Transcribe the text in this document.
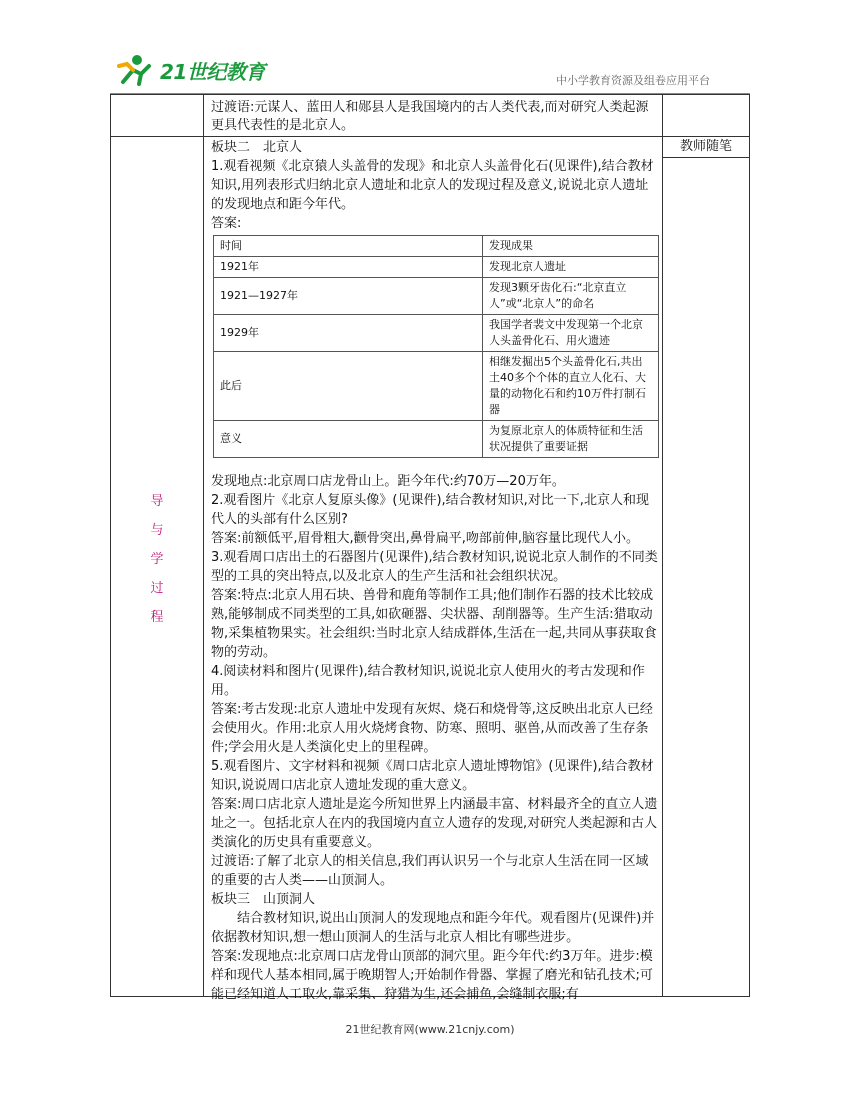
21世纪教育	中小学教育资源及组卷应用平台
过渡语:元谋人、蓝田人和郧县人是我国境内的古人类代表,而对研究人类起源更具代表性的是北京人。
导
与
学
过
程
教师随笔

板块二　北京人

1.观看视频《北京猿人头盖骨的发现》和北京人头盖骨化石(见课件),结合教材知识,用列表形式归纳北京人遗址和北京人的发现过程及意义,说说北京人遗址的发现地点和距今年代。

答案:

时间	发现成果
1921年	发现北京人遗址
1921—1927年	发现3颗牙齿化石:“北京直立人”或“北京人”的命名
1929年	我国学者裴文中发现第一个北京人头盖骨化石、用火遗迹
此后	相继发掘出5个头盖骨化石,共出土40多个个体的直立人化石、大量的动物化石和约10万件打制石器
意义	为复原北京人的体质特征和生活状况提供了重要证据

发现地点:北京周口店龙骨山上。距今年代:约70万—20万年。

2.观看图片《北京人复原头像》(见课件),结合教材知识,对比一下,北京人和现代人的头部有什么区别?

答案:前额低平,眉骨粗大,颧骨突出,鼻骨扁平,吻部前伸,脑容量比现代人小。

3.观看周口店出土的石器图片(见课件),结合教材知识,说说北京人制作的不同类型的工具的突出特点,以及北京人的生产生活和社会组织状况。

答案:特点:北京人用石块、兽骨和鹿角等制作工具;他们制作石器的技术比较成熟,能够制成不同类型的工具,如砍砸器、尖状器、刮削器等。生产生活:猎取动物,采集植物果实。社会组织:当时北京人结成群体,生活在一起,共同从事获取食物的劳动。

4.阅读材料和图片(见课件),结合教材知识,说说北京人使用火的考古发现和作用。

答案:考古发现:北京人遗址中发现有灰烬、烧石和烧骨等,这反映出北京人已经会使用火。作用:北京人用火烧烤食物、防寒、照明、驱兽,从而改善了生存条件;学会用火是人类演化史上的里程碑。

5.观看图片、文字材料和视频《周口店北京人遗址博物馆》(见课件),结合教材知识,说说周口店北京人遗址发现的重大意义。

答案:周口店北京人遗址是迄今所知世界上内涵最丰富、材料最齐全的直立人遗址之一。包括北京人在内的我国境内直立人遗存的发现,对研究人类起源和古人类演化的历史具有重要意义。

过渡语:了解了北京人的相关信息,我们再认识另一个与北京人生活在同一区域的重要的古人类——山顶洞人。

板块三　山顶洞人

结合教材知识,说出山顶洞人的发现地点和距今年代。观看图片(见课件)并依据教材知识,想一想山顶洞人的生活与北京人相比有哪些进步。

答案:发现地点:北京周口店龙骨山顶部的洞穴里。距今年代:约3万年。进步:模样和现代人基本相同,属于晚期智人;开始制作骨器、掌握了磨光和钻孔技术;可能已经知道人工取火,靠采集、狩猎为生,还会捕鱼,会缝制衣服;有

21世纪教育网(www.21cnjy.com)
